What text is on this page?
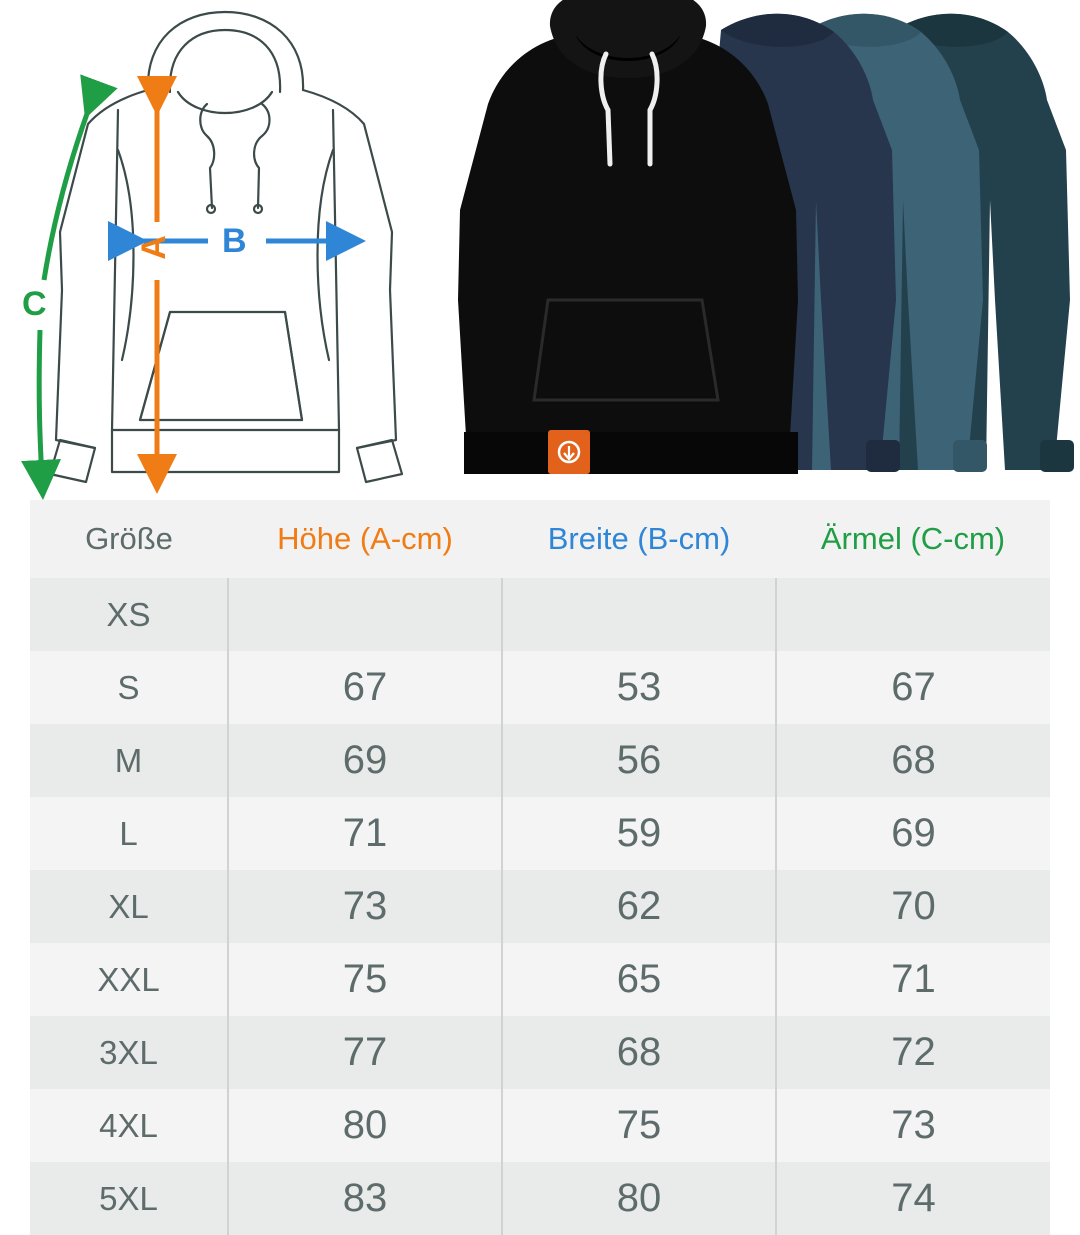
A B
C
Größe	Höhe (A-cm)	Breite (B-cm)	Ärmel (C-cm)
XS			
S	67	53	67
M	69	56	68
L	71	59	69
XL	73	62	70
XXL	75	65	71
3XL	77	68	72
4XL	80	75	73
5XL	83	80	74
